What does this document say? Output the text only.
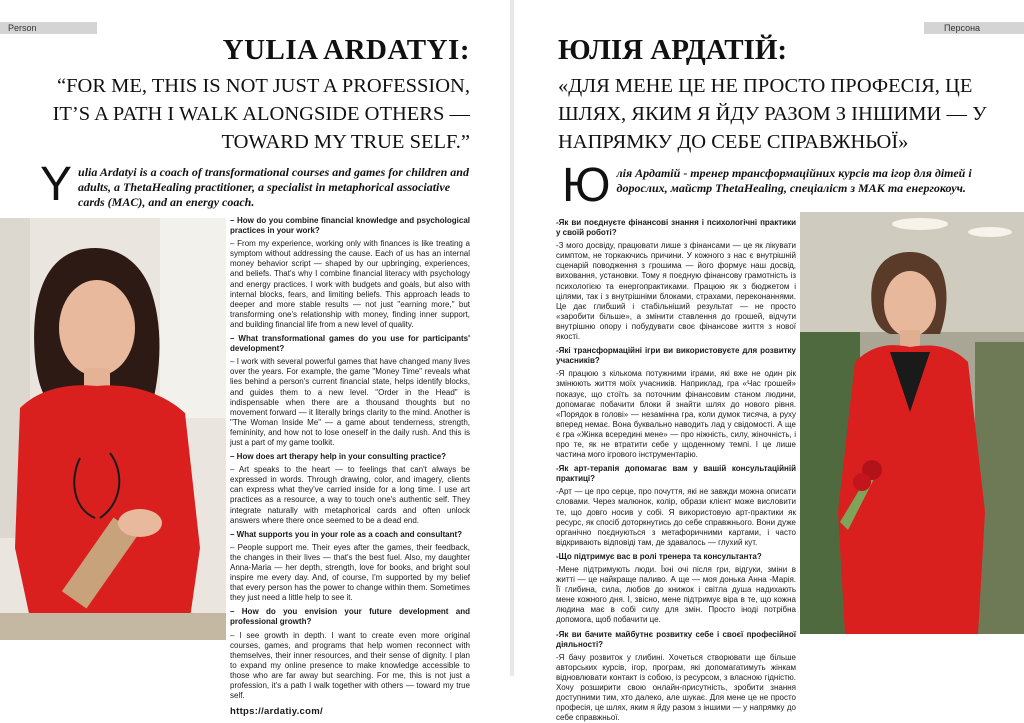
Person
YULIA ARDATYI:
“FOR ME, THIS IS NOT JUST A PROFESSION, IT’S A PATH I WALK ALONGSIDE OTHERS — TOWARD MY TRUE SELF.”
Yulia Ardatyi is a coach of transformational courses and games for children and adults, a ThetaHealing practitioner, a specialist in metaphorical associative cards (MAC), and an energy coach.
– How do you combine financial knowledge and psychological practices in your work?
– From my experience, working only with finances is like treating a symptom without addressing the cause. Each of us has an internal money behavior script — shaped by our upbringing, experiences, and beliefs. That's why I combine financial literacy with psychology and energy practices. I work with budgets and goals, but also with internal blocks, fears, and limiting beliefs. This approach leads to deeper and more stable results — not just "earning more," but transforming one's relationship with money, finding inner support, and building financial life from a new level of quality.
– What transformational games do you use for participants' development?
– I work with several powerful games that have changed many lives over the years. For example, the game "Money Time" reveals what lies behind a person's current financial state, helps identify blocks, and guides them to a new level. "Order in the Head" is indispensable when there are a thousand thoughts but no movement forward — it literally brings clarity to the mind. Another is "The Woman Inside Me" — a game about tenderness, strength, femininity, and how not to lose oneself in the daily rush. And this is just a part of my game toolkit.
– How does art therapy help in your consulting practice?
– Art speaks to the heart — to feelings that can't always be expressed in words. Through drawing, color, and imagery, clients can express what they've carried inside for a long time. I use art practices as a resource, a way to touch one's authentic self. They integrate naturally with metaphorical cards and often unlock answers where there once seemed to be a dead end.
– What supports you in your role as a coach and consultant?
– People support me. Their eyes after the games, their feedback, the changes in their lives — that's the best fuel. Also, my daughter Anna-Maria — her depth, strength, love for books, and bright soul inspire me every day. And, of course, I'm supported by my belief that every person has the power to change within them. Sometimes they just need a little help to see it.
– How do you envision your future development and professional growth?
– I see growth in depth. I want to create even more original courses, games, and programs that help women reconnect with themselves, their inner resources, and their sense of dignity. I plan to expand my online presence to make knowledge accessible to those who are far away but searching. For me, this is not just a profession, it's a path I walk together with others — toward my true self.
https://ardatiy.com/
Персона
ЮЛІЯ АРДАТІЙ:
«ДЛЯ МЕНЕ ЦЕ НЕ ПРОСТО ПРОФЕСІЯ, ЦЕ ШЛЯХ, ЯКИМ Я ЙДУ РАЗОМ З ІНШИМИ — У НАПРЯМКУ ДО СЕБЕ СПРАВЖНЬОЇ»
Юлія Ардатій - тренер трансформаційних курсів та ігор для дітей і дорослих, майстр ThetaHealing, спеціаліст з МАК та енергокоуч.
-Як ви поєднуєте фінансові знання і психологічні практики у своїй роботі?
-З мого досвіду, працювати лише з фінансами — це як лікувати симптом, не торкаючись причини. У кожного з нас є внутрішній сценарій поводження з грошима — його формує наш досвід, виховання, установки. Тому я поєдную фінансову грамотність із психологією та енергопрактиками. Працюю як з бюджетом і цілями, так і з внутрішніми блоками, страхами, переконаннями. Це дає глибший і стабільніший результат — не просто «заробити більше», а змінити ставлення до грошей, відчути внутрішню опору і побудувати своє фінансове життя з нової якості.
-Які трансформаційні ігри ви використовуєте для розвитку учасників?
-Я працюю з кількома потужними іграми, які вже не один рік змінюють життя моїх учасників. Наприклад, гра «Час грошей» показує, що стоїть за поточним фінансовим станом людини, допомагає побачити блоки й знайти шлях до нового рівня. «Порядок в голові» — незамінна гра, коли думок тисяча, а руху вперед немає. Вона буквально наводить лад у свідомості. А ще є гра «Жінка всередині мене» — про ніжність, силу, жіночність, і про те, як не втратити себе у щоденному темпі. І це лише частина мого ігрового інструментарію.
-Як арт-терапія допомагає вам у вашій консультаційній практиці?
-Арт — це про серце, про почуття, які не завжди можна описати словами. Через малюнок, колір, образи клієнт може висловити те, що довго носив у собі. Я використовую арт-практики як ресурс, як спосіб доторкнутись до себе справжнього. Вони дуже органічно поєднуються з метафоричними картами, і часто відкривають відповіді там, де здавалось — глухий кут.
-Що підтримує вас в ролі тренера та консультанта?
-Мене підтримують люди. Їхні очі після гри, відгуки, зміни в житті — це найкраще паливо. А ще — моя донька Анна -Марія. Її глибина, сила, любов до книжок і світла душа надихають мене кожного дня. І, звісно, мене підтримує віра в те, що кожна людина має в собі силу для змін. Просто іноді потрібна допомога, щоб побачити це.
-Як ви бачите майбутнє розвитку себе і своєї професійної діяльності?
-Я бачу розвиток у глибині. Хочеться створювати ще більше авторських курсів, ігор, програм, які допомагатимуть жінкам відновлювати контакт із собою, із ресурсом, з власною гідністю. Хочу розширити свою онлайн-присутність, зробити знання доступними тим, хто далеко, але шукає. Для мене це не просто професія, це шлях, яким я йду разом з іншими — у напрямку до себе справжньої.
